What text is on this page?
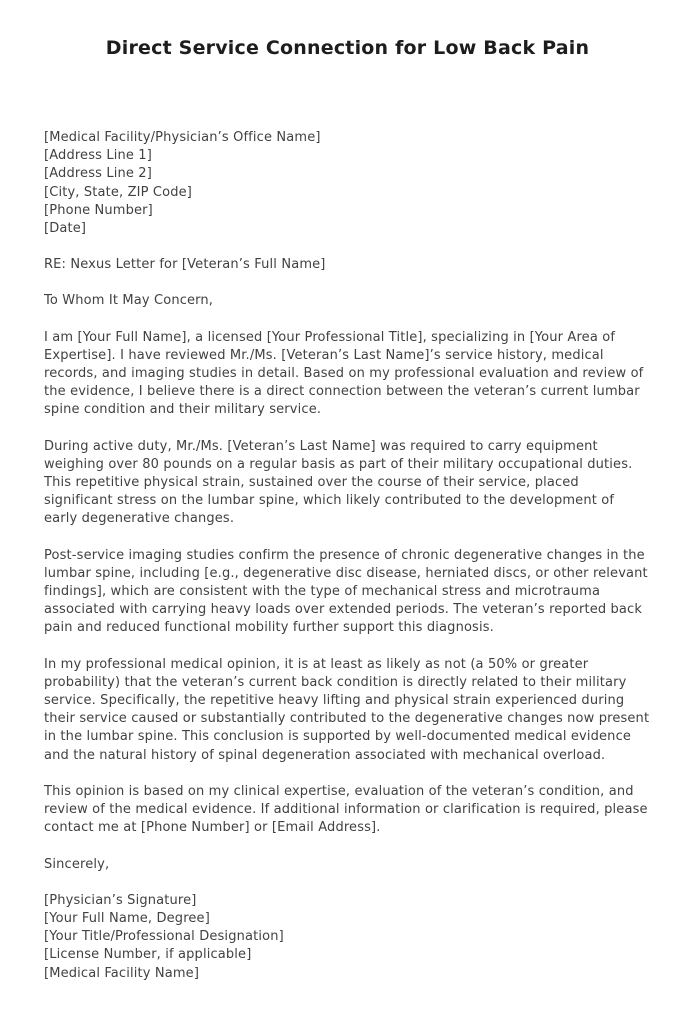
Direct Service Connection for Low Back Pain
[Medical Facility/Physician’s Office Name]
[Address Line 1]
[Address Line 2]
[City, State, ZIP Code]
[Phone Number]
[Date]

RE: Nexus Letter for [Veteran’s Full Name]

To Whom It May Concern,

I am [Your Full Name], a licensed [Your Professional Title], specializing in [Your Area of Expertise]. I have reviewed Mr./Ms. [Veteran’s Last Name]’s service history, medical records, and imaging studies in detail. Based on my professional evaluation and review of the evidence, I believe there is a direct connection between the veteran’s current lumbar spine condition and their military service.

During active duty, Mr./Ms. [Veteran’s Last Name] was required to carry equipment weighing over 80 pounds on a regular basis as part of their military occupational duties. This repetitive physical strain, sustained over the course of their service, placed significant stress on the lumbar spine, which likely contributed to the development of early degenerative changes.

Post-service imaging studies confirm the presence of chronic degenerative changes in the lumbar spine, including [e.g., degenerative disc disease, herniated discs, or other relevant findings], which are consistent with the type of mechanical stress and microtrauma associated with carrying heavy loads over extended periods. The veteran’s reported back pain and reduced functional mobility further support this diagnosis.

In my professional medical opinion, it is at least as likely as not (a 50% or greater probability) that the veteran’s current back condition is directly related to their military service. Specifically, the repetitive heavy lifting and physical strain experienced during their service caused or substantially contributed to the degenerative changes now present in the lumbar spine. This conclusion is supported by well-documented medical evidence and the natural history of spinal degeneration associated with mechanical overload.

This opinion is based on my clinical expertise, evaluation of the veteran’s condition, and review of the medical evidence. If additional information or clarification is required, please contact me at [Phone Number] or [Email Address].

Sincerely,

[Physician’s Signature]
[Your Full Name, Degree]
[Your Title/Professional Designation]
[License Number, if applicable]
[Medical Facility Name]
